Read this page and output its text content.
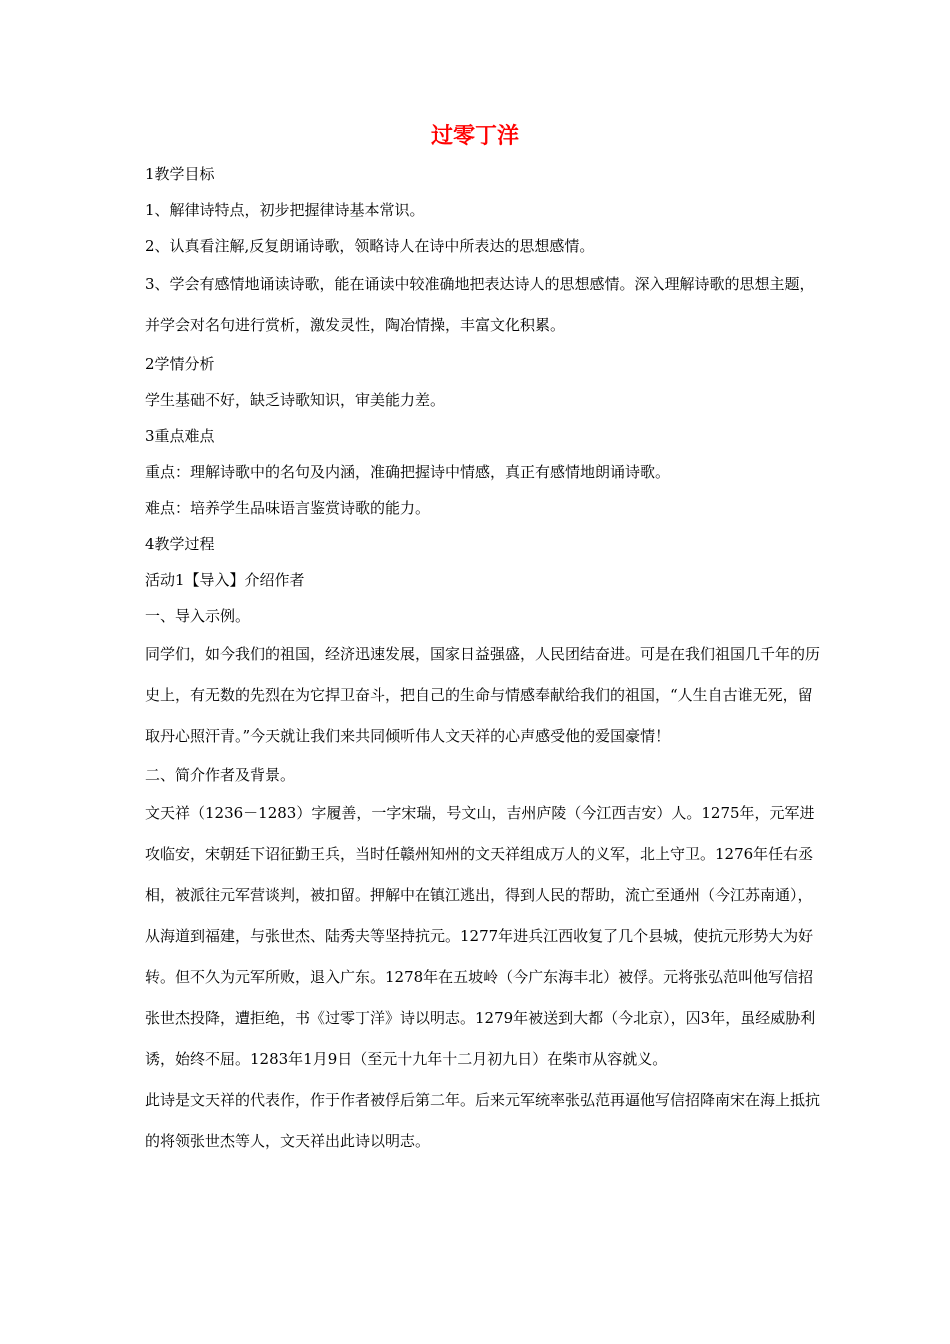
过零丁洋

1教学目标

1、解律诗特点，初步把握律诗基本常识。

2、认真看注解,反复朗诵诗歌，领略诗人在诗中所表达的思想感情。

3、学会有感情地诵读诗歌，能在诵读中较准确地把表达诗人的思想感情。深入理解诗歌的思想主题，并学会对名句进行赏析，激发灵性，陶冶情操，丰富文化积累。

2学情分析

学生基础不好，缺乏诗歌知识，审美能力差。

3重点难点

重点：理解诗歌中的名句及内涵，准确把握诗中情感，真正有感情地朗诵诗歌。

难点：培养学生品味语言鉴赏诗歌的能力。

4教学过程

活动1【导入】介绍作者

一、导入示例。

同学们，如今我们的祖国，经济迅速发展，国家日益强盛，人民团结奋进。可是在我们祖国几千年的历史上，有无数的先烈在为它捍卫奋斗，把自己的生命与情感奉献给我们的祖国，“人生自古谁无死，留取丹心照汗青。”今天就让我们来共同倾听伟人文天祥的心声感受他的爱国豪情！

二、简介作者及背景。

文天祥（1236－1283）字履善，一字宋瑞，号文山，吉州庐陵（今江西吉安）人。1275年，元军进攻临安，宋朝廷下诏征勤王兵，当时任赣州知州的文天祥组成万人的义军，北上守卫。1276年任右丞相，被派往元军营谈判，被扣留。押解中在镇江逃出，得到人民的帮助，流亡至通州（今江苏南通），从海道到福建，与张世杰、陆秀夫等坚持抗元。1277年进兵江西收复了几个县城，使抗元形势大为好转。但不久为元军所败，退入广东。1278年在五坡岭（今广东海丰北）被俘。元将张弘范叫他写信招张世杰投降，遭拒绝，书《过零丁洋》诗以明志。1279年被送到大都（今北京），囚3年，虽经威胁利诱，始终不屈。1283年1月9日（至元十九年十二月初九日）在柴市从容就义。

此诗是文天祥的代表作，作于作者被俘后第二年。后来元军统率张弘范再逼他写信招降南宋在海上抵抗的将领张世杰等人，文天祥出此诗以明志。
